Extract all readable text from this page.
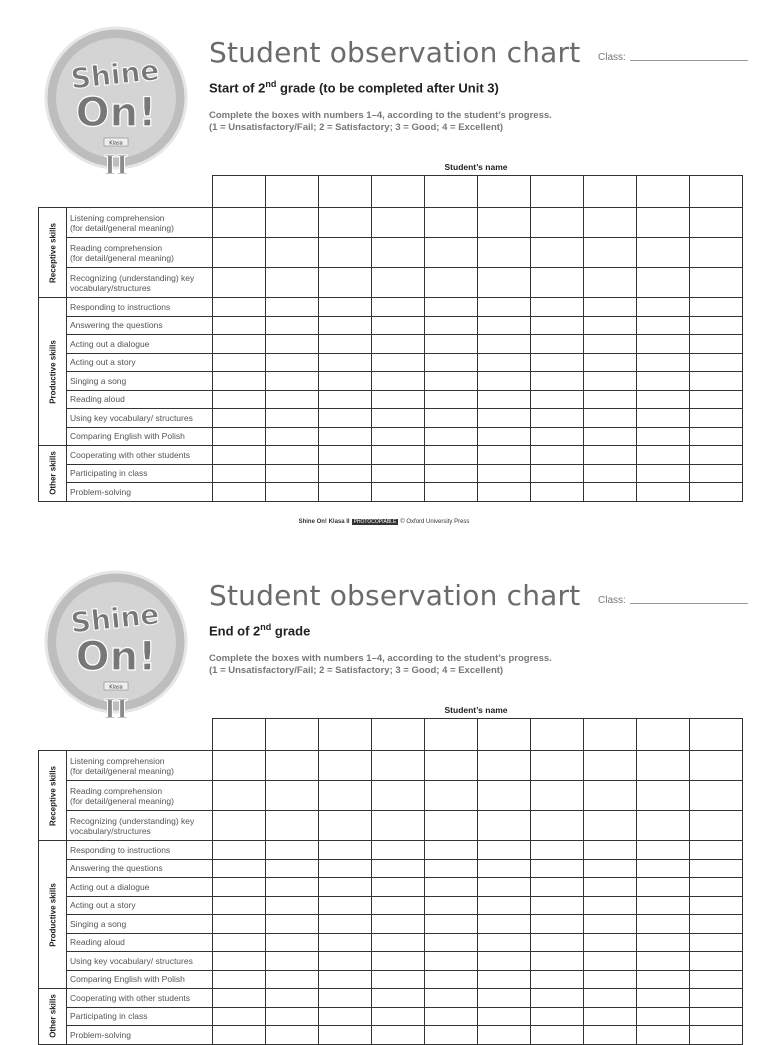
Shine
On!
Klasa
II
Student observation chart Class:
Start of 2nd grade (to be completed after Unit 3)
Complete the boxes with numbers 1–4, according to the student’s progress.
(1 = Unsatisfactory/Fail; 2 = Satisfactory; 3 = Good; 4 = Excellent)
Student’s name

Receptive skills	Listening comprehension
(for detail/general meaning)										

	Reading comprehension
(for detail/general meaning)										

	Recognizing (understanding) key
vocabulary/structures										

Productive skills	Responding to instructions										

	Answering the questions										

	Acting out a dialogue										

	Acting out a story										

	Singing a song										

	Reading aloud										

	Using key vocabulary/ structures										

	Comparing English with Polish										

Other skills	Cooperating with other students										

	Participating in class										

	Problem-solving										

Shine On! Klasa II PHOTOCOPIABLE © Oxford University Press
Shine
On!
Klasa
II
Student observation chart Class:
End of 2nd grade
Complete the boxes with numbers 1–4, according to the student’s progress.
(1 = Unsatisfactory/Fail; 2 = Satisfactory; 3 = Good; 4 = Excellent)
Student’s name

Receptive skills	Listening comprehension
(for detail/general meaning)										

	Reading comprehension
(for detail/general meaning)										

	Recognizing (understanding) key
vocabulary/structures										

Productive skills	Responding to instructions										

	Answering the questions										

	Acting out a dialogue										

	Acting out a story										

	Singing a song										

	Reading aloud										

	Using key vocabulary/ structures										

	Comparing English with Polish										

Other skills	Cooperating with other students										

	Participating in class										

	Problem-solving										
